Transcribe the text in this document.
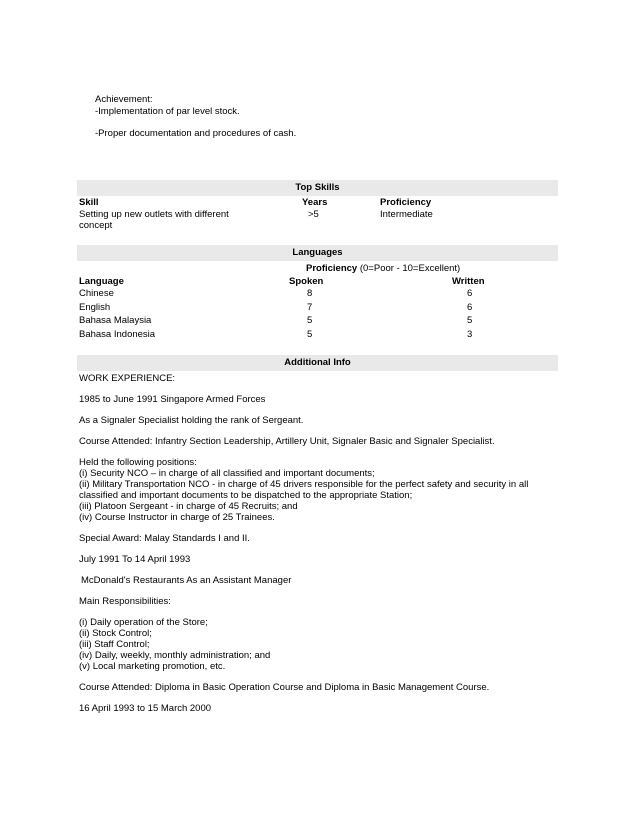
Achievement:
-Implementation of par level stock.
-Proper documentation and procedures of cash.
Top Skills
Skill	Years	Proficiency
Setting up new outlets with different
concept
>5	Intermediate
Languages
Proficiency (0=Poor - 10=Excellent)
Language	Spoken	Written
Chinese	8	6
English	7	6
Bahasa Malaysia	5	5
Bahasa Indonesia	5	3
Additional Info

WORK EXPERIENCE:

1985 to June 1991 Singapore Armed Forces

As a Signaler Specialist holding the rank of Sergeant.

Course Attended: Infantry Section Leadership, Artillery Unit, Signaler Basic and Signaler Specialist.

Held the following positions:

(i) Security NCO – in charge of all classified and important documents;

(ii) Military Transportation NCO - in charge of 45 drivers responsible for the perfect safety and security in all

classified and important documents to be dispatched to the appropriate Station;

(iii) Platoon Sergeant - in charge of 45 Recruits; and

(iv) Course Instructor in charge of 25 Trainees.

Special Award: Malay Standards I and II.

July 1991 To 14 April 1993

McDonald's Restaurants As an Assistant Manager

Main Responsibilities:

(i) Daily operation of the Store;

(ii) Stock Control;

(iii) Staff Control;

(iv) Daily, weekly, monthly administration; and

(v) Local marketing promotion, etc.

Course Attended: Diploma in Basic Operation Course and Diploma in Basic Management Course.

16 April 1993 to 15 March 2000
